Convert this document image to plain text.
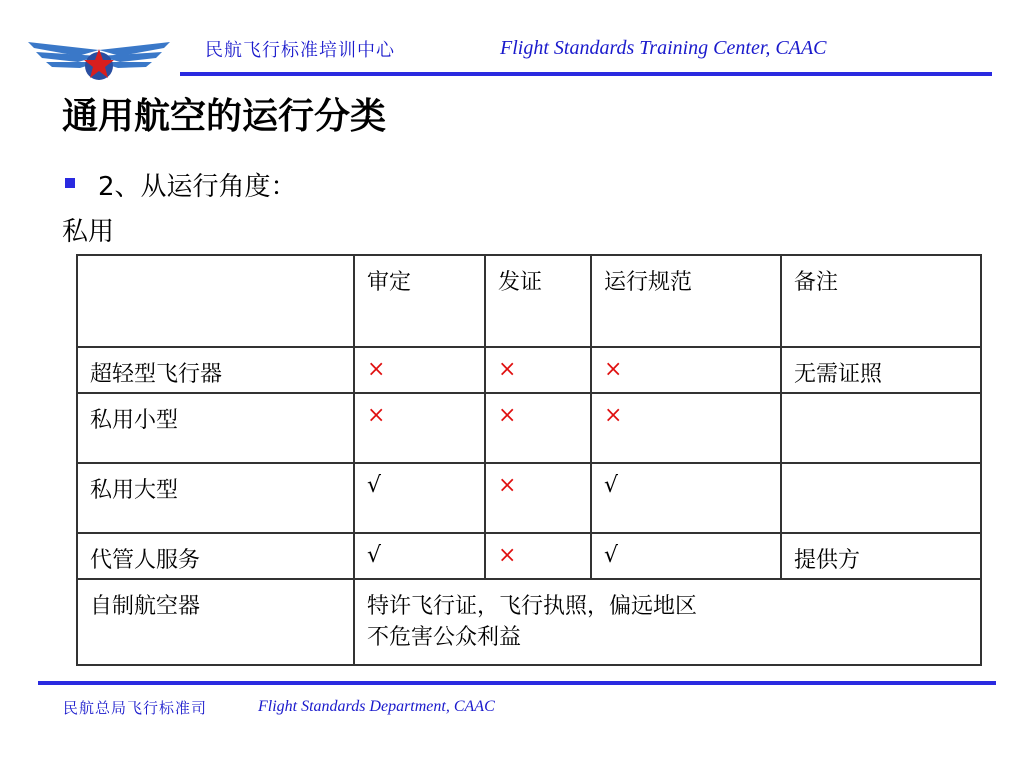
民航飞行标准培训中心	Flight Standards Training Center, CAAC
通用航空的运行分类
2、从运行角度：
私用
	审定	发证	运行规范	备注
超轻型飞行器	×	×	×	无需证照
私用小型	×	×	×	
私用大型	√	×	√	
代管人服务	√	×	√	提供方
自制航空器	特许飞行证，飞行执照，偏远地区
不危害公众利益			
民航总局飞行标准司	Flight Standards Department, CAAC
